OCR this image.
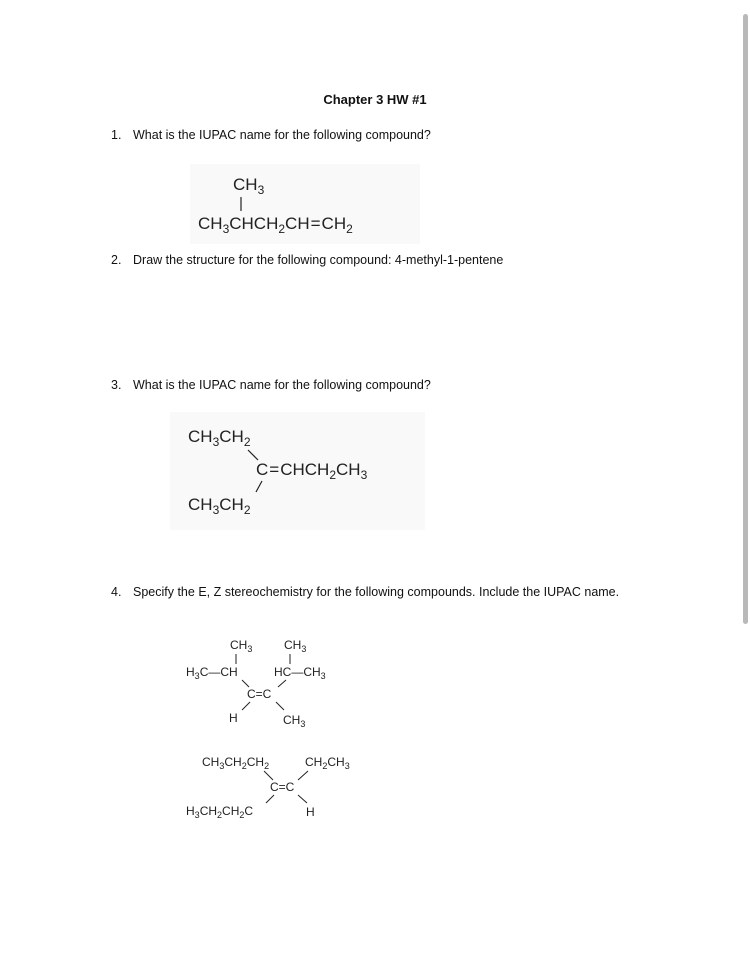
Chapter 3 HW #1
1. What is the IUPAC name for the following compound?
$CH_3$
$CH_3CHCH_2CH=CH_2$
2. Draw the structure for the following compound: 4-methyl-1-pentene
3. What is the IUPAC name for the following compound?
$CH_3CH_2$
$C=CHCH_2CH_3$
$CH_3CH_2$
4. Specify the E, Z stereochemistry for the following compounds. Include the IUPAC name.
$CH_3$	$CH_3$
$H_3C—CH$	$HC—CH_3$
C=C
H	$CH_3$
$CH_3CH_2CH_2$	$CH_2CH_3$
C=C
$H_3CH_2CH_2C$	H
